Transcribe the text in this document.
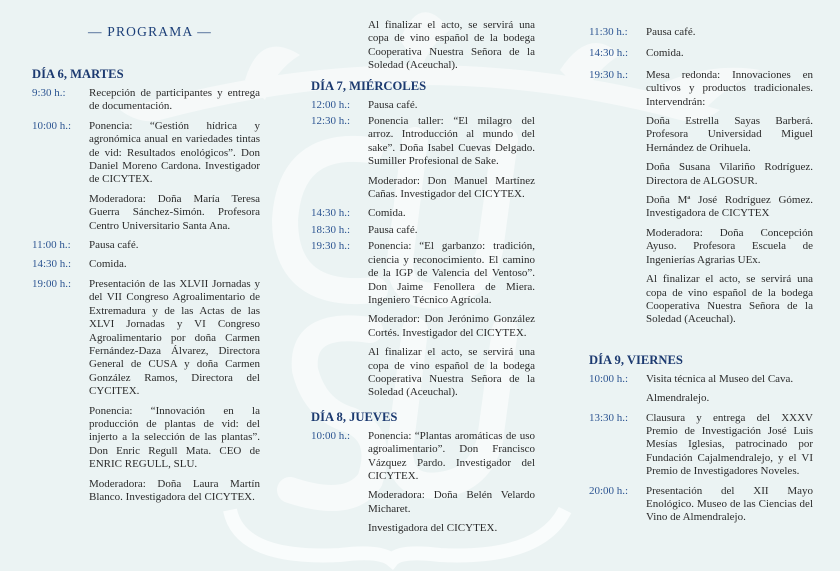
— PROGRAMA —
DÍA 6, MARTES
9:30 h.:	Recepción de participantes y entrega de documentación.

10:00 h.:	Ponencia: “Gestión hídrica y agronómica anual en variedades tintas de vid: Resultados enológicos”. Don Daniel Moreno Cardona. Investigador de CICYTEX.

Moderadora: Doña María Teresa Guerra Sánchez-Simón. Profesora Centro Universitario Santa Ana.

11:00 h.:	Pausa café.

14:30 h.:	Comida.

19:00 h.:	Presentación de las XLVII Jornadas y del VII Congreso Agroalimentario de Extremadura y de las Actas de las XLVI Jornadas y VI Congreso Agroalimentario por doña Carmen Fernández-Daza Álvarez, Directora General de CUSA y doña Carmen González Ramos, Directora del CYCITEX.

Ponencia: “Innovación en la producción de plantas de vid: del injerto a la selección de las plantas”. Don Enric Regull Mata. CEO de ENRIC REGULL, SLU.

Moderadora: Doña Laura Martín Blanco. Investigadora del CICYTEX.

Al finalizar el acto, se servirá una copa de vino español de la bodega Cooperativa Nuestra Señora de la Soledad (Aceuchal).

DÍA 7, MIÉRCOLES
12:00 h.:	Pausa café.

12:30 h.:	Ponencia taller: “El milagro del arroz. Introducción al mundo del sake”. Doña Isabel Cuevas Delgado. Sumiller Profesional de Sake.

Moderador: Don Manuel Martínez Cañas. Investigador del CICYTEX.

14:30 h.:	Comida.

18:30 h.:	Pausa café.

19:30 h.:	Ponencia: “El garbanzo: tradición, ciencia y reconocimiento. El camino de la IGP de Valencia del Ventoso”. Don Jaime Fenollera de Miera. Ingeniero Técnico Agrícola.

Moderador: Don Jerónimo González Cortés. Investigador del CICYTEX.

Al finalizar el acto, se servirá una copa de vino español de la bodega Cooperativa Nuestra Señora de la Soledad (Aceuchal).

DÍA 8, JUEVES
10:00 h.:	Ponencia: “Plantas aromáticas de uso agroalimentario”. Don Francisco Vázquez Pardo. Investigador del CICYTEX.

Moderadora: Doña Belén Velardo Micharet.

Investigadora del CICYTEX.

11:30 h.:	Pausa café.

14:30 h.:	Comida.

19:30 h.:	Mesa redonda: Innovaciones en cultivos y productos tradicionales. Intervendrán:

Doña Estrella Sayas Barberá. Profesora Universidad Miguel Hernández de Orihuela.

Doña Susana Vilariño Rodríguez. Directora de ALGOSUR.

Doña Mª José Rodríguez Gómez. Investigadora de CICYTEX

Moderadora: Doña Concepción Ayuso. Profesora Escuela de Ingenierías Agrarias UEx.

Al finalizar el acto, se servirá una copa de vino español de la bodega Cooperativa Nuestra Señora de la Soledad (Aceuchal).

DÍA 9, VIERNES
10:00 h.:	Visita técnica al Museo del Cava.

Almendralejo.

13:30 h.:	Clausura y entrega del XXXV Premio de Investigación José Luis Mesías Iglesias, patrocinado por Fundación Cajalmendralejo, y el VI Premio de Investigadores Noveles.

20:00 h.:	Presentación del XII Mayo Enológico. Museo de las Ciencias del Vino de Almendralejo.
